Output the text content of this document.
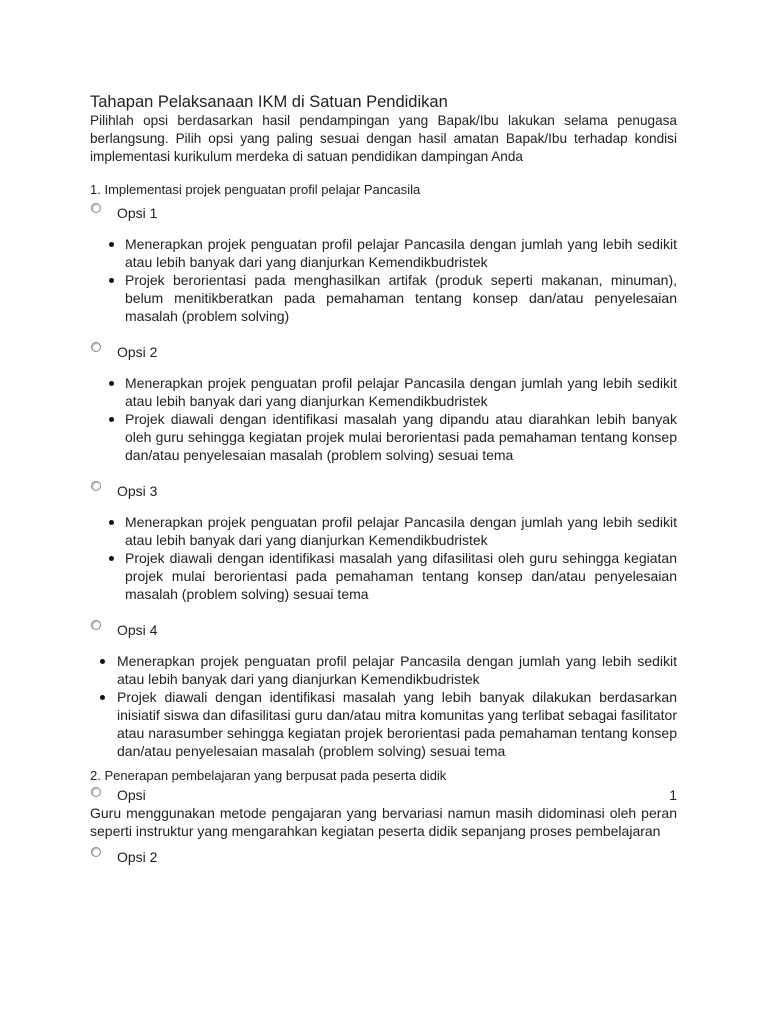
Tahapan Pelaksanaan IKM di Satuan Pendidikan

Pilihlah opsi berdasarkan hasil pendampingan yang Bapak/Ibu lakukan selama penugasa berlangsung. Pilih opsi yang paling sesuai dengan hasil amatan Bapak/Ibu terhadap kondisi implementasi kurikulum merdeka di satuan pendidikan dampingan Anda

1. Implementasi projek penguatan profil pelajar Pancasila

Opsi 1
Menerapkan projek penguatan profil pelajar Pancasila dengan jumlah yang lebih sedikit atau lebih banyak dari yang dianjurkan Kemendikbudristek
Projek berorientasi pada menghasilkan artifak (produk seperti makanan, minuman), belum menitikberatkan pada pemahaman tentang konsep dan/atau penyelesaian masalah (problem solving)
Opsi 2
Menerapkan projek penguatan profil pelajar Pancasila dengan jumlah yang lebih sedikit atau lebih banyak dari yang dianjurkan Kemendikbudristek
Projek diawali dengan identifikasi masalah yang dipandu atau diarahkan lebih banyak oleh guru sehingga kegiatan projek mulai berorientasi pada pemahaman tentang konsep dan/atau penyelesaian masalah (problem solving) sesuai tema
Opsi 3
Menerapkan projek penguatan profil pelajar Pancasila dengan jumlah yang lebih sedikit atau lebih banyak dari yang dianjurkan Kemendikbudristek
Projek diawali dengan identifikasi masalah yang difasilitasi oleh guru sehingga kegiatan projek mulai berorientasi pada pemahaman tentang konsep dan/atau penyelesaian masalah (problem solving) sesuai tema
Opsi 4
Menerapkan projek penguatan profil pelajar Pancasila dengan jumlah yang lebih sedikit atau lebih banyak dari yang dianjurkan Kemendikbudristek
Projek diawali dengan identifikasi masalah yang lebih banyak dilakukan berdasarkan inisiatif siswa dan difasilitasi guru dan/atau mitra komunitas yang terlibat sebagai fasilitator atau narasumber sehingga kegiatan projek berorientasi pada pemahaman tentang konsep dan/atau penyelesaian masalah (problem solving) sesuai tema

2. Penerapan pembelajaran yang berpusat pada peserta didik

Opsi	1

Guru menggunakan metode pengajaran yang bervariasi namun masih didominasi oleh peran seperti instruktur yang mengarahkan kegiatan peserta didik sepanjang proses pembelajaran

Opsi 2
